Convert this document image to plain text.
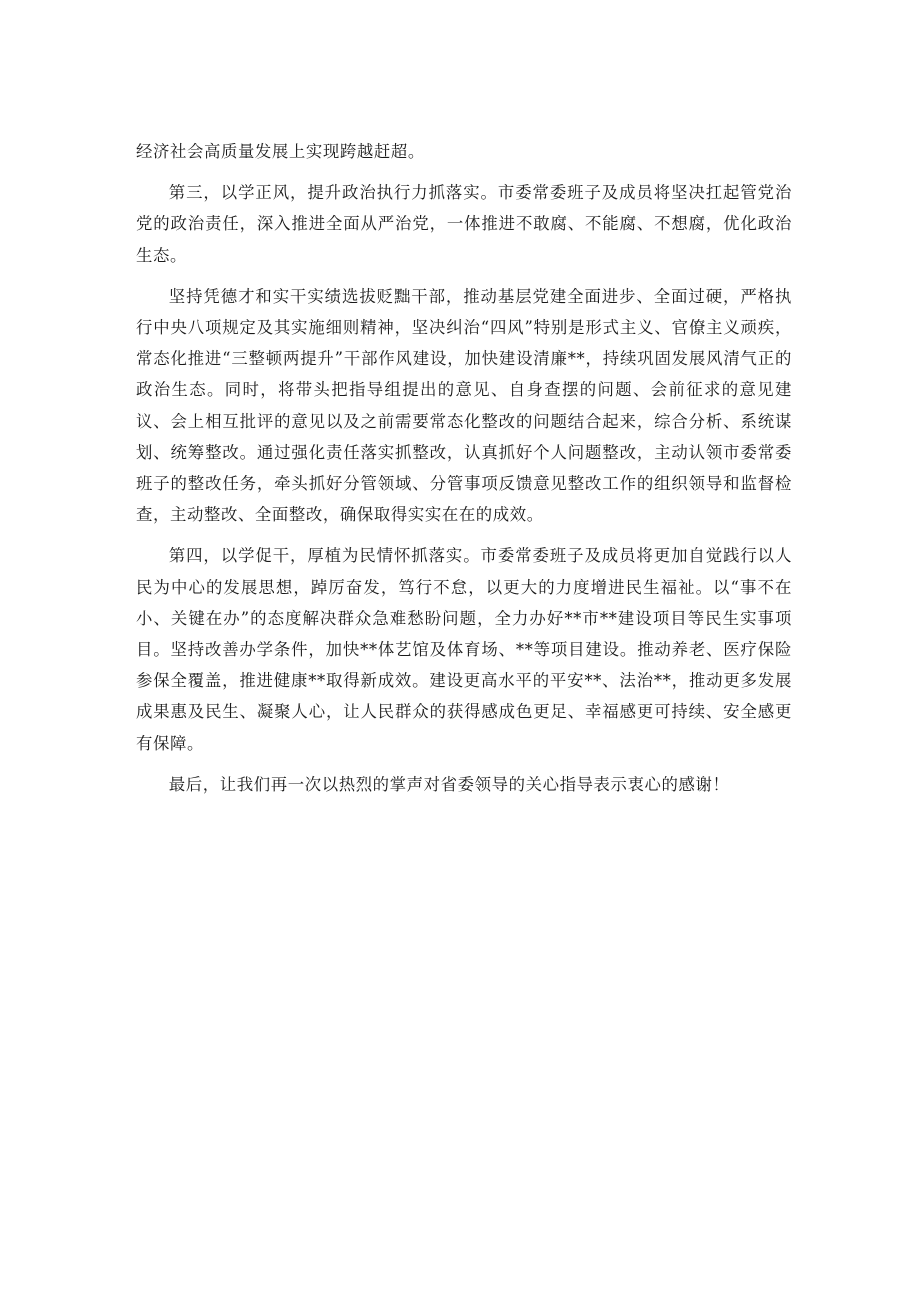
经济社会高质量发展上实现跨越赶超。

第三，以学正风，提升政治执行力抓落实。市委常委班子及成员将坚决扛起管党治党的政治责任，深入推进全面从严治党，一体推进不敢腐、不能腐、不想腐，优化政治生态。

坚持凭德才和实干实绩选拔贬黜干部，推动基层党建全面进步、全面过硬，严格执行中央八项规定及其实施细则精神，坚决纠治“四风”特别是形式主义、官僚主义顽疾，常态化推进“三整顿两提升”干部作风建设，加快建设清廉**，持续巩固发展风清气正的政治生态。同时，将带头把指导组提出的意见、自身查摆的问题、会前征求的意见建议、会上相互批评的意见以及之前需要常态化整改的问题结合起来，综合分析、系统谋划、统筹整改。通过强化责任落实抓整改，认真抓好个人问题整改，主动认领市委常委班子的整改任务，牵头抓好分管领域、分管事项反馈意见整改工作的组织领导和监督检查，主动整改、全面整改，确保取得实实在在的成效。

第四，以学促干，厚植为民情怀抓落实。市委常委班子及成员将更加自觉践行以人民为中心的发展思想，踔厉奋发，笃行不怠，以更大的力度增进民生福祉。以“事不在小、关键在办”的态度解决群众急难愁盼问题，全力办好**市**建设项目等民生实事项目。坚持改善办学条件，加快**体艺馆及体育场、**等项目建设。推动养老、医疗保险参保全覆盖，推进健康**取得新成效。建设更高水平的平安**、法治**，推动更多发展成果惠及民生、凝聚人心，让人民群众的获得感成色更足、幸福感更可持续、安全感更有保障。

最后，让我们再一次以热烈的掌声对省委领导的关心指导表示衷心的感谢！
